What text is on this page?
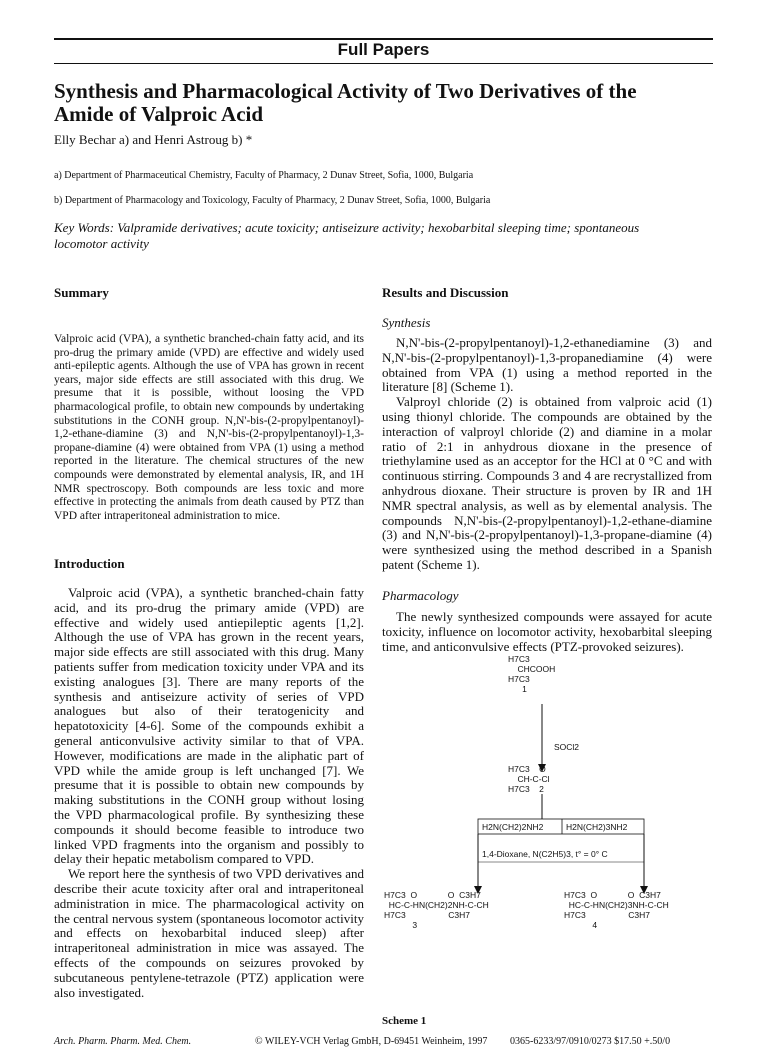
Full Papers
Synthesis and Pharmacological Activity of Two Derivatives of the Amide of Valproic Acid
Elly Bechar a) and Henri Astroug b) *
a) Department of Pharmaceutical Chemistry, Faculty of Pharmacy, 2 Dunav Street, Sofia, 1000, Bulgaria
b) Department of Pharmacology and Toxicology, Faculty of Pharmacy, 2 Dunav Street, Sofia, 1000, Bulgaria
Key Words: Valpramide derivatives; acute toxicity; antiseizure activity; hexobarbital sleeping time; spontaneous locomotor activity
Summary

Valproic acid (VPA), a synthetic branched-chain fatty acid, and its pro-drug the primary amide (VPD) are effective and widely used anti-epileptic agents. Although the use of VPA has grown in recent years, major side effects are still associated with this drug. We presume that it is possible, without loosing the VPD pharmacological profile, to obtain new compounds by undertaking substitutions in the CONH group. N,N'-bis-(2-propylpentanoyl)- 1,2-ethane-diamine (3) and N,N'-bis-(2-propylpentanoyl)-1,3-propane-diamine (4) were obtained from VPA (1) using a method reported in the literature. The chemical structures of the new compounds were demonstrated by elemental analysis, IR, and 1H NMR spectroscopy. Both compounds are less toxic and more effective in protecting the animals from death caused by PTZ than VPD after intraperitoneal administration to mice.

Introduction

Valproic acid (VPA), a synthetic branched-chain fatty acid, and its pro-drug the primary amide (VPD) are effective and widely used antiepileptic agents [1,2]. Although the use of VPA has grown in the recent years, major side effects are still associated with this drug. Many patients suffer from medication toxicity under VPA and its existing analogues [3]. There are many reports of the synthesis and antiseizure activity of series of VPD analogues but also of their teratogenicity and hepatotoxicity [4-6]. Some of the compounds exhibit a general anticonvulsive activity similar to that of VPA. However, modifications are made in the aliphatic part of VPD while the amide group is left unchanged [7]. We presume that it is possible to obtain new compounds by making substitutions in the CONH group without losing the VPD pharmacological profile. By synthesizing these compounds it should become feasible to introduce two linked VPD fragments into the organism and possibly to delay their hepatic metabolism compared to VPD.

We report here the synthesis of two VPD derivatives and describe their acute toxicity after oral and intraperitoneal administration in mice. The pharmacological activity on the central nervous system (spontaneous locomotor activity and effects on hexobarbital induced sleep) after intraperitoneal administration in mice was assayed. The effects of the compounds on seizures provoked by subcutaneous pentylene-tetrazole (PTZ) application were also investigated.

Results and Discussion
Synthesis

N,N'-bis-(2-propylpentanoyl)-1,2-ethanediamine (3) and N,N'-bis-(2-propylpentanoyl)-1,3-propanediamine (4) were obtained from VPA (1) using a method reported in the literature [8] (Scheme 1).

Valproyl chloride (2) is obtained from valproic acid (1) using thionyl chloride. The compounds are obtained by the interaction of valproyl chloride (2) and diamine in a molar ratio of 2:1 in anhydrous dioxane in the presence of triethylamine used as an acceptor for the HCl at 0 °C and with continuous stirring. Compounds 3 and 4 are recrystallized from anhydrous dioxane. Their structure is proven by IR and 1H NMR spectral analysis, as well as by elemental analysis. The compounds N,N'-bis-(2-propylpentanoyl)-1,2-ethane-diamine (3) and N,N'-bis-(2-propylpentanoyl)-1,3-propane-diamine (4) were synthesized using the method described in a Spanish patent (Scheme 1).

Pharmacology

The newly synthesized compounds were assayed for acute toxicity, influence on locomotor activity, hexobarbital sleeping time, and anticonvulsive effects (PTZ-provoked seizures).

H7C3
CHCOOH
H7C3
1
SOCl2
H7C3    O
CH-C-Cl
H7C3    2
H2N(CH2)2NH2	H2N(CH2)3NH2
1,4-Dioxane, N(C2H5)3, t° = 0° C
H7C3  O             O  C3H7
HC-C-HN(CH2)2NH-C-CH
H7C3                  C3H7
3
H7C3  O             O  C3H7
HC-C-HN(CH2)3NH-C-CH
H7C3                  C3H7
4
Scheme 1
Arch. Pharm. Pharm. Med. Chem.	© WILEY-VCH Verlag GmbH, D-69451 Weinheim, 1997 0365-6233/97/0910/0273 $17.50 +.50/0
